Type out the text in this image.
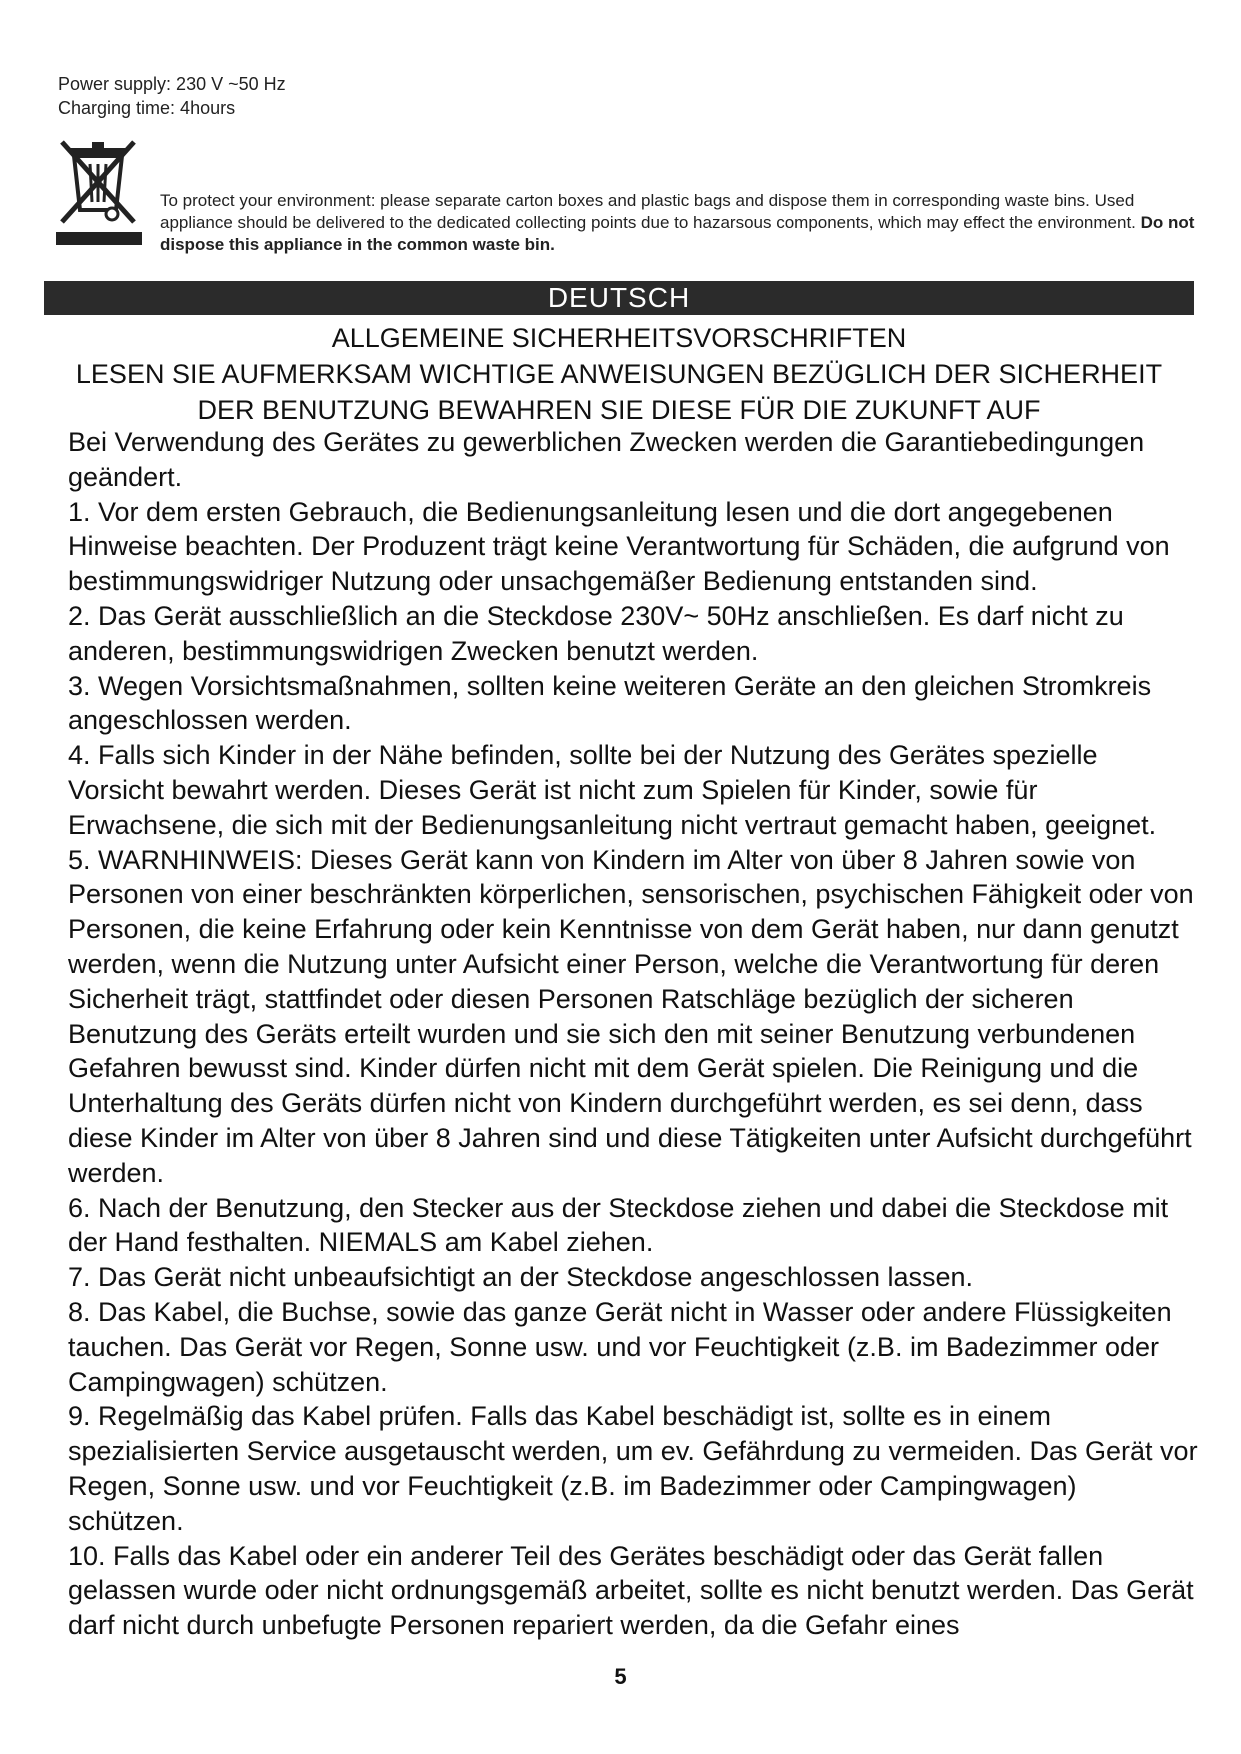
Power supply: 230 V ~50 Hz
Charging time: 4hours
To protect your environment: please separate carton boxes and plastic bags and dispose them in corresponding waste bins. Used appliance should be delivered to the dedicated collecting points due to hazarsous components, which may effect the environment. Do not dispose this appliance in the common waste bin.
DEUTSCH
ALLGEMEINE SICHERHEITSVORSCHRIFTEN
LESEN SIE AUFMERKSAM WICHTIGE ANWEISUNGEN BEZÜGLICH DER SICHERHEIT
DER BENUTZUNG BEWAHREN SIE DIESE FÜR DIE ZUKUNFT AUF

Bei Verwendung des Gerätes zu gewerblichen Zwecken werden die Garantiebedingungen geändert.

1. Vor dem ersten Gebrauch, die Bedienungsanleitung lesen und die dort angegebenen Hinweise beachten. Der Produzent trägt keine Verantwortung für Schäden, die aufgrund von bestimmungswidriger Nutzung oder unsachgemäßer Bedienung entstanden sind.

2. Das Gerät ausschließlich an die Steckdose 230V~ 50Hz anschließen. Es darf nicht zu anderen, bestimmungswidrigen Zwecken benutzt werden.

3. Wegen Vorsichtsmaßnahmen, sollten keine weiteren Geräte an den gleichen Stromkreis angeschlossen werden.

4. Falls sich Kinder in der Nähe befinden, sollte bei der Nutzung des Gerätes spezielle Vorsicht bewahrt werden. Dieses Gerät ist nicht zum Spielen für Kinder, sowie für Erwachsene, die sich mit der Bedienungsanleitung nicht vertraut gemacht haben, geeignet.

5. WARNHINWEIS: Dieses Gerät kann von Kindern im Alter von über 8 Jahren sowie von Personen von einer beschränkten körperlichen, sensorischen, psychischen Fähigkeit oder von Personen, die keine Erfahrung oder kein Kenntnisse von dem Gerät haben, nur dann genutzt werden, wenn die Nutzung unter Aufsicht einer Person, welche die Verantwortung für deren Sicherheit trägt, stattfindet oder diesen Personen Ratschläge bezüglich der sicheren Benutzung des Geräts erteilt wurden und sie sich den mit seiner Benutzung verbundenen Gefahren bewusst sind. Kinder dürfen nicht mit dem Gerät spielen. Die Reinigung und die Unterhaltung des Geräts dürfen nicht von Kindern durchgeführt werden, es sei denn, dass diese Kinder im Alter von über 8 Jahren sind und diese Tätigkeiten unter Aufsicht durchgeführt werden.

6. Nach der Benutzung, den Stecker aus der Steckdose ziehen und dabei die Steckdose mit der Hand festhalten. NIEMALS am Kabel ziehen.

7. Das Gerät nicht unbeaufsichtigt an der Steckdose angeschlossen lassen.

8. Das Kabel, die Buchse, sowie das ganze Gerät nicht in Wasser oder andere Flüssigkeiten tauchen. Das Gerät vor Regen, Sonne usw. und vor Feuchtigkeit (z.B. im Badezimmer oder Campingwagen) schützen.

9. Regelmäßig das Kabel prüfen. Falls das Kabel beschädigt ist, sollte es in einem spezialisierten Service ausgetauscht werden, um ev. Gefährdung zu vermeiden. Das Gerät vor Regen, Sonne usw. und vor Feuchtigkeit (z.B. im Badezimmer oder Campingwagen) schützen.

10. Falls das Kabel oder ein anderer Teil des Gerätes beschädigt oder das Gerät fallen gelassen wurde oder nicht ordnungsgemäß arbeitet, sollte es nicht benutzt werden. Das Gerät darf nicht durch unbefugte Personen repariert werden, da die Gefahr eines

5
